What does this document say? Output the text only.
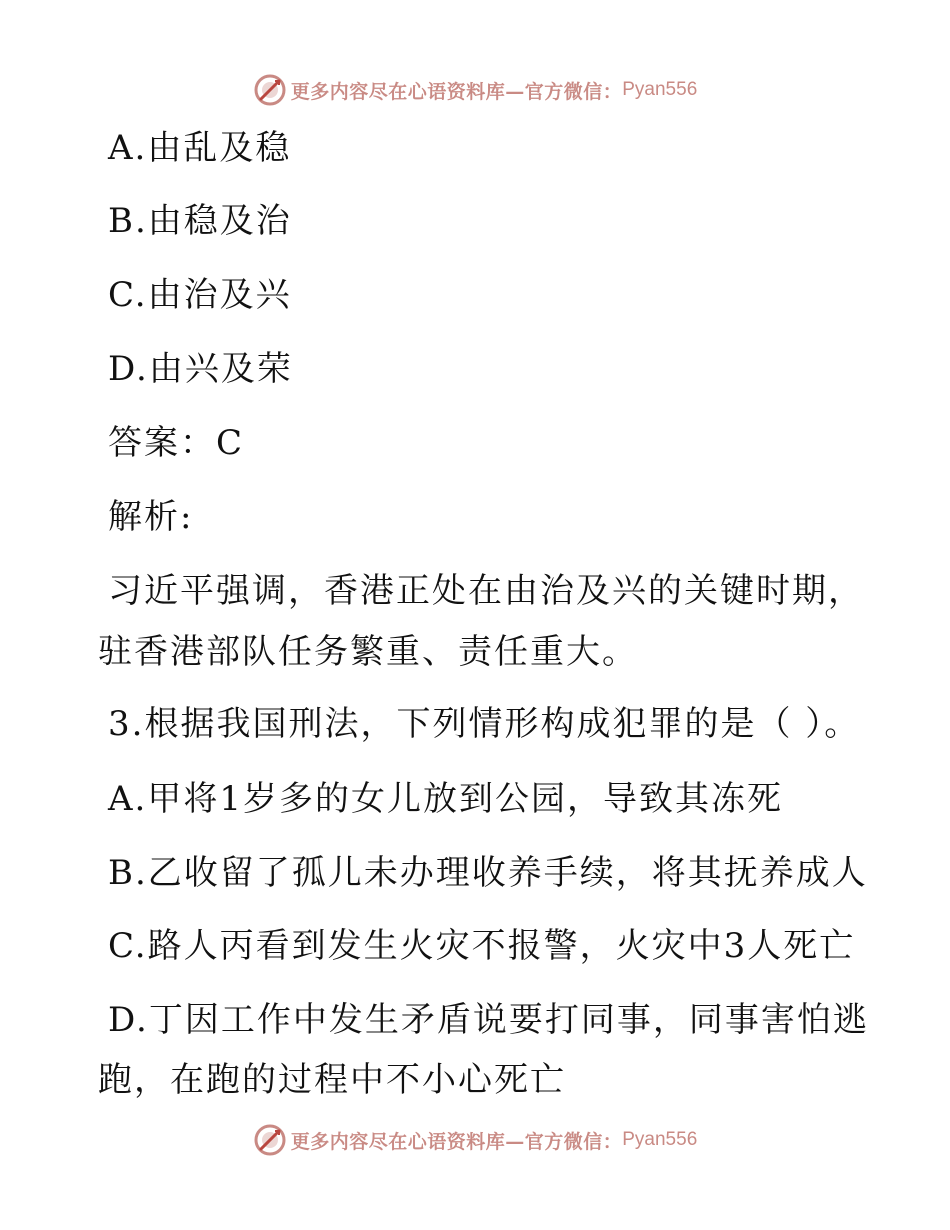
更多内容尽在心语资料库—官方微信： Pyan556
A.由乱及稳
B.由稳及治
C.由治及兴
D.由兴及荣
答案：C
解析:
习近平强调，香港正处在由治及兴的关键时期，
驻香港部队任务繁重、责任重大。
3.根据我国刑法，下列情形构成犯罪的是（ ）。
A.甲将1岁多的女儿放到公园，导致其冻死
B.乙收留了孤儿未办理收养手续，将其抚养成人
C.路人丙看到发生火灾不报警，火灾中3人死亡
D.丁因工作中发生矛盾说要打同事，同事害怕逃
跑，在跑的过程中不小心死亡
更多内容尽在心语资料库—官方微信： Pyan556
